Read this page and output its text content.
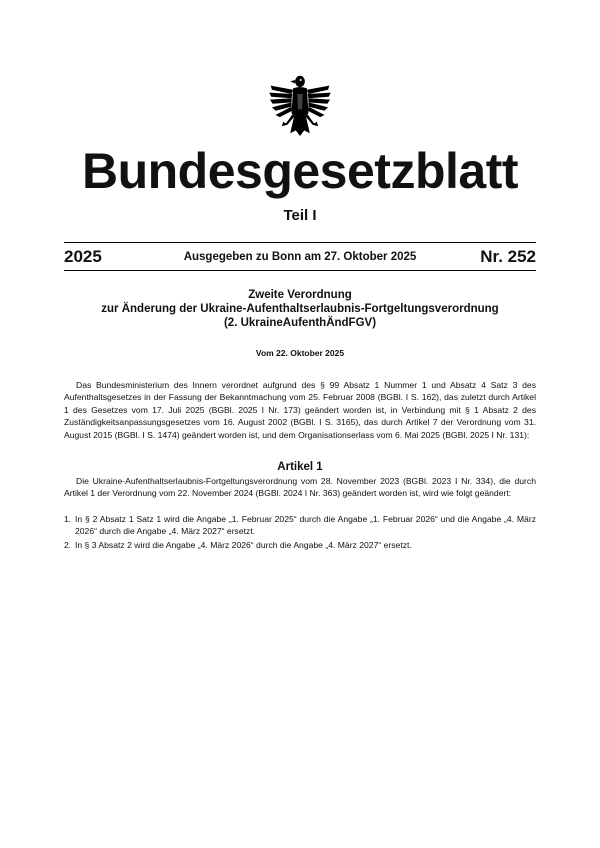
Bundesgesetzblatt
Teil I
2025	Ausgegeben zu Bonn am 27. Oktober 2025	Nr. 252
Zweite Verordnung
zur Änderung der Ukraine-Aufenthaltserlaubnis-Fortgeltungsverordnung
(2. UkraineAufenthÄndFGV)
Vom 22. Oktober 2025
Das Bundesministerium des Innern verordnet aufgrund des § 99 Absatz 1 Nummer 1 und Absatz 4 Satz 3 des Aufenthaltsgesetzes in der Fassung der Bekanntmachung vom 25. Februar 2008 (BGBl. I S. 162), das zuletzt durch Artikel 1 des Gesetzes vom 17. Juli 2025 (BGBl. 2025 I Nr. 173) geändert worden ist, in Verbindung mit § 1 Absatz 2 des Zuständigkeitsanpassungsgesetzes vom 16. August 2002 (BGBl. I S. 3165), das durch Artikel 7 der Verordnung vom 31. August 2015 (BGBl. I S. 1474) geändert worden ist, und dem Organisationserlass vom 6. Mai 2025 (BGBl. 2025 I Nr. 131):
Artikel 1
Die Ukraine-Aufenthaltserlaubnis-Fortgeltungsverordnung vom 28. November 2023 (BGBl. 2023 I Nr. 334), die durch Artikel 1 der Verordnung vom 22. November 2024 (BGBl. 2024 I Nr. 363) geändert worden ist, wird wie folgt geändert:
1. In § 2 Absatz 1 Satz 1 wird die Angabe „1. Februar 2025“ durch die Angabe „1. Februar 2026“ und die Angabe „4. März 2026“ durch die Angabe „4. März 2027“ ersetzt.
2. In § 3 Absatz 2 wird die Angabe „4. März 2026“ durch die Angabe „4. März 2027“ ersetzt.
